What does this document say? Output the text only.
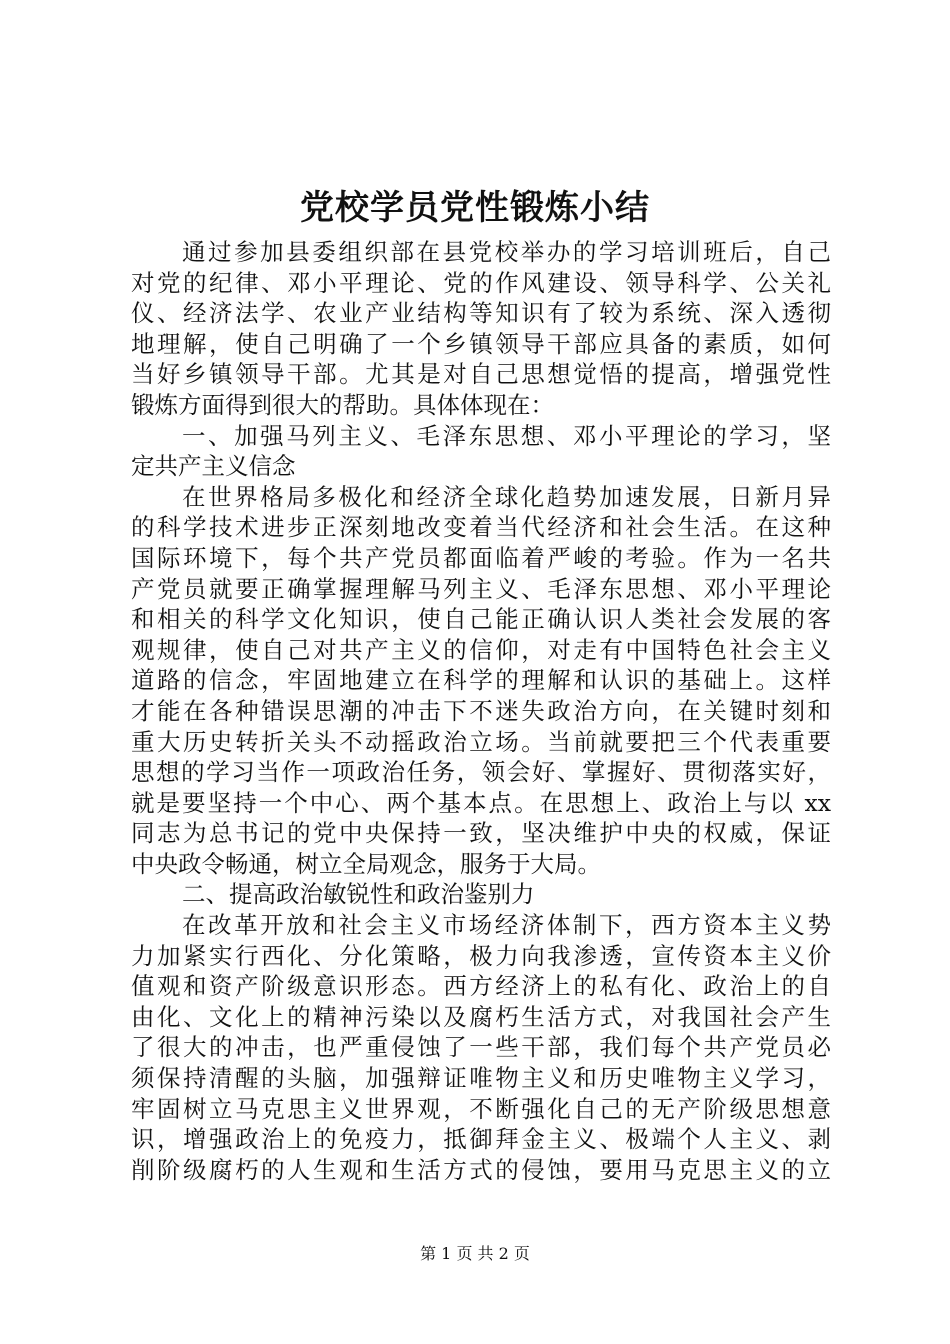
党校学员党性锻炼小结
通过参加县委组织部在县党校举办的学习培训班后，自己
对党的纪律、邓小平理论、党的作风建设、领导科学、公关礼
仪、经济法学、农业产业结构等知识有了较为系统、深入透彻
地理解，使自己明确了一个乡镇领导干部应具备的素质，如何
当好乡镇领导干部。尤其是对自己思想觉悟的提高，增强党性
锻炼方面得到很大的帮助。具体体现在：
一、加强马列主义、毛泽东思想、邓小平理论的学习，坚
定共产主义信念
在世界格局多极化和经济全球化趋势加速发展，日新月异
的科学技术进步正深刻地改变着当代经济和社会生活。在这种
国际环境下，每个共产党员都面临着严峻的考验。作为一名共
产党员就要正确掌握理解马列主义、毛泽东思想、邓小平理论
和相关的科学文化知识，使自己能正确认识人类社会发展的客
观规律，使自己对共产主义的信仰，对走有中国特色社会主义
道路的信念，牢固地建立在科学的理解和认识的基础上。这样
才能在各种错误思潮的冲击下不迷失政治方向，在关键时刻和
重大历史转折关头不动摇政治立场。当前就要把三个代表重要
思想的学习当作一项政治任务，领会好、掌握好、贯彻落实好，
就是要坚持一个中心、两个基本点。在思想上、政治上与以 xx
同志为总书记的党中央保持一致，坚决维护中央的权威，保证
中央政令畅通，树立全局观念，服务于大局。
二、提高政治敏锐性和政治鉴别力
在改革开放和社会主义市场经济体制下，西方资本主义势
力加紧实行西化、分化策略，极力向我渗透，宣传资本主义价
值观和资产阶级意识形态。西方经济上的私有化、政治上的自
由化、文化上的精神污染以及腐朽生活方式，对我国社会产生
了很大的冲击，也严重侵蚀了一些干部，我们每个共产党员必
须保持清醒的头脑，加强辩证唯物主义和历史唯物主义学习，
牢固树立马克思主义世界观，不断强化自己的无产阶级思想意
识，增强政治上的免疫力，抵御拜金主义、极端个人主义、剥
削阶级腐朽的人生观和生活方式的侵蚀，要用马克思主义的立
第 1 页 共 2 页
